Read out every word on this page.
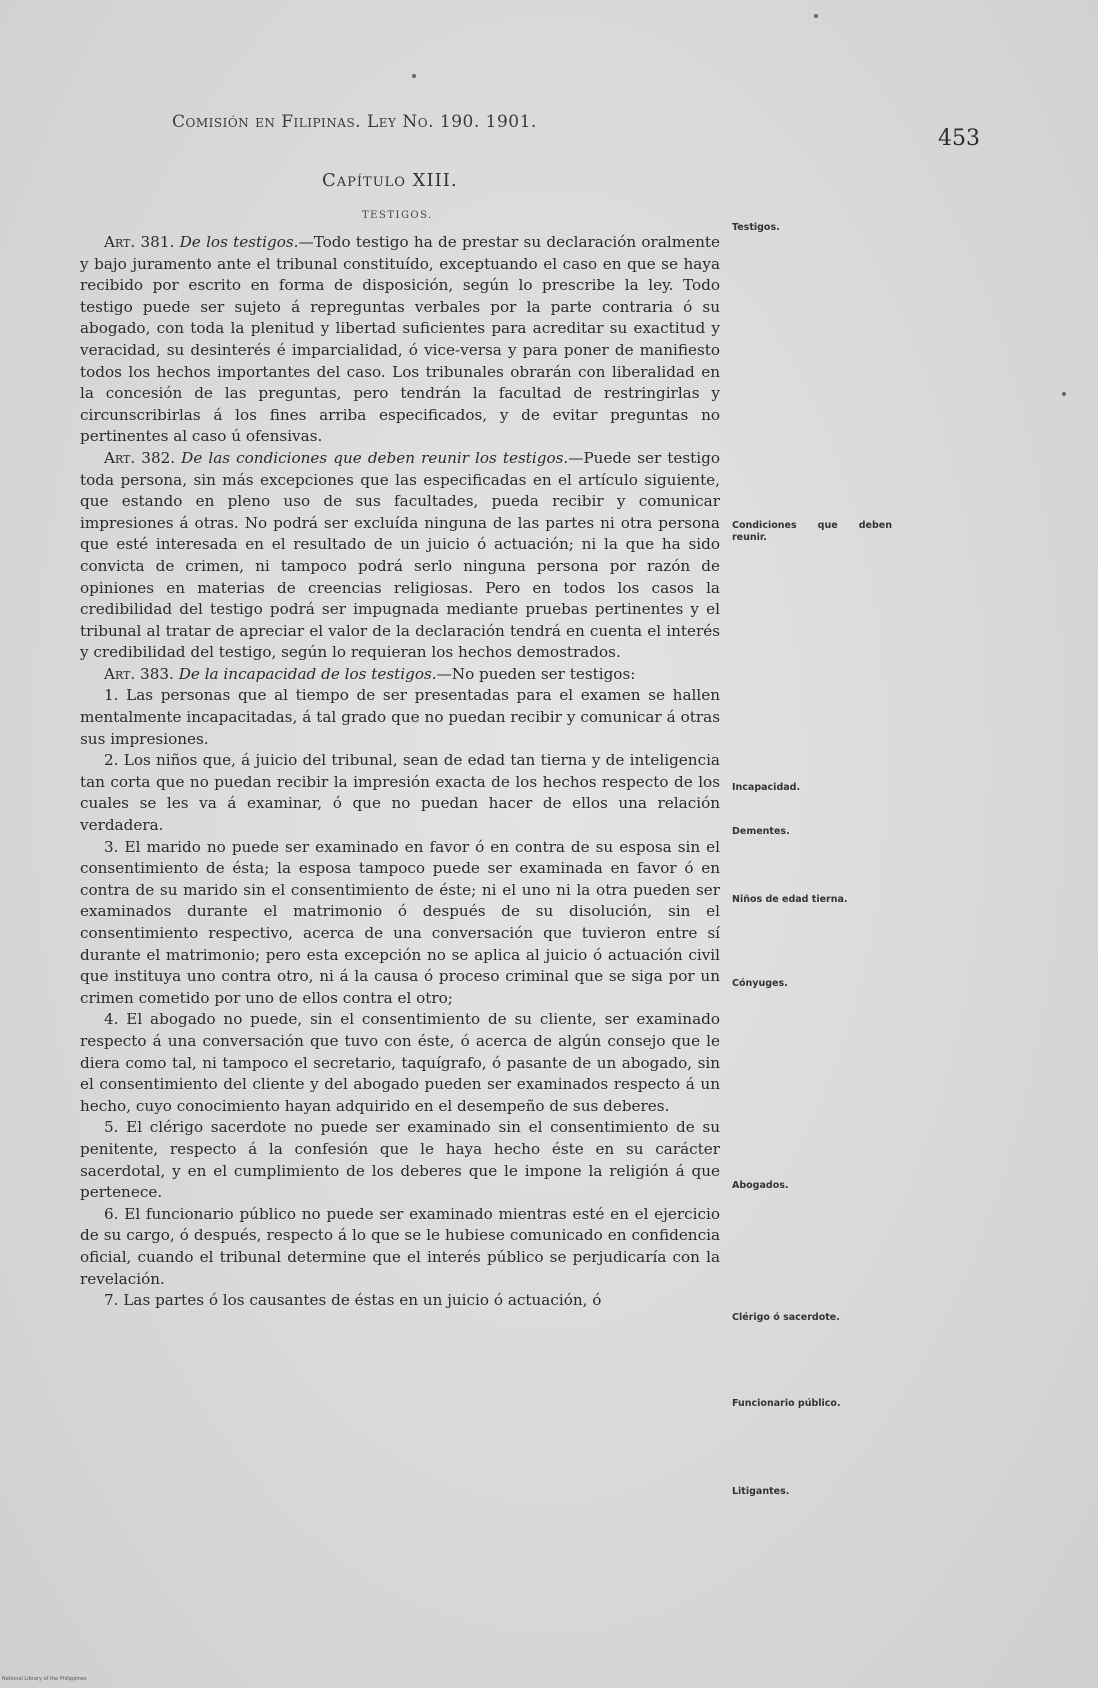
Comisión en Filipinas. Ley No. 190. 1901.
453
Capítulo XIII.
TESTIGOS.

Art. 381. De los testigos.—Todo testigo ha de prestar su declaración oralmente y bajo juramento ante el tribunal constituído, exceptuando el caso en que se haya recibido por escrito en forma de disposición, según lo prescribe la ley. Todo testigo puede ser sujeto á repreguntas verbales por la parte contraria ó su abogado, con toda la plenitud y libertad suficientes para acreditar su exactitud y veracidad, su desinterés é imparcialidad, ó vice-versa y para poner de manifiesto todos los hechos importantes del caso. Los tribunales obrarán con liberalidad en la concesión de las preguntas, pero tendrán la facultad de restringirlas y circunscribirlas á los fines arriba especificados, y de evitar preguntas no pertinentes al caso ú ofensivas.

Art. 382. De las condiciones que deben reunir los testigos.—Puede ser testigo toda persona, sin más excepciones que las especificadas en el artículo siguiente, que estando en pleno uso de sus facultades, pueda recibir y comunicar impresiones á otras. No podrá ser excluída ninguna de las partes ni otra persona que esté interesada en el resultado de un juicio ó actuación; ni la que ha sido convicta de crimen, ni tampoco podrá serlo ninguna persona por razón de opiniones en materias de creencias religiosas. Pero en todos los casos la credibilidad del testigo podrá ser impugnada mediante pruebas pertinentes y el tribunal al tratar de apreciar el valor de la declaración tendrá en cuenta el interés y credibilidad del testigo, según lo requieran los hechos demostrados.

Art. 383. De la incapacidad de los testigos.—No pueden ser testigos:

1. Las personas que al tiempo de ser presentadas para el examen se hallen mentalmente incapacitadas, á tal grado que no puedan recibir y comunicar á otras sus impresiones.

2. Los niños que, á juicio del tribunal, sean de edad tan tierna y de inteligencia tan corta que no puedan recibir la impresión exacta de los hechos respecto de los cuales se les va á examinar, ó que no puedan hacer de ellos una relación verdadera.

3. El marido no puede ser examinado en favor ó en contra de su esposa sin el consentimiento de ésta; la esposa tampoco puede ser examinada en favor ó en contra de su marido sin el consentimiento de éste; ni el uno ni la otra pueden ser examinados durante el matrimonio ó después de su disolución, sin el consentimiento respectivo, acerca de una conversación que tuvieron entre sí durante el matrimonio; pero esta excepción no se aplica al juicio ó actuación civil que instituya uno contra otro, ni á la causa ó proceso criminal que se siga por un crimen cometido por uno de ellos contra el otro;

4. El abogado no puede, sin el consentimiento de su cliente, ser examinado respecto á una conversación que tuvo con éste, ó acerca de algún consejo que le diera como tal, ni tampoco el secretario, taquígrafo, ó pasante de un abogado, sin el consentimiento del cliente y del abogado pueden ser examinados respecto á un hecho, cuyo conocimiento hayan adquirido en el desempeño de sus deberes.

5. El clérigo sacerdote no puede ser examinado sin el consentimiento de su penitente, respecto á la confesión que le haya hecho éste en su carácter sacerdotal, y en el cumplimiento de los deberes que le impone la religión á que pertenece.

6. El funcionario público no puede ser examinado mientras esté en el ejercicio de su cargo, ó después, respecto á lo que se le hubiese comunicado en confidencia oficial, cuando el tribunal determine que el interés público se perjudicaría con la revelación.

7. Las partes ó los causantes de éstas en un juicio ó actuación, ó

Testigos.
Condiciones que deben reunir.
Incapacidad.
Dementes.
Niños de edad tierna.
Cónyuges.
Abogados.
Clérigo ó sacerdote.
Funcionario público.
Litigantes.
National Library of the Philippines
